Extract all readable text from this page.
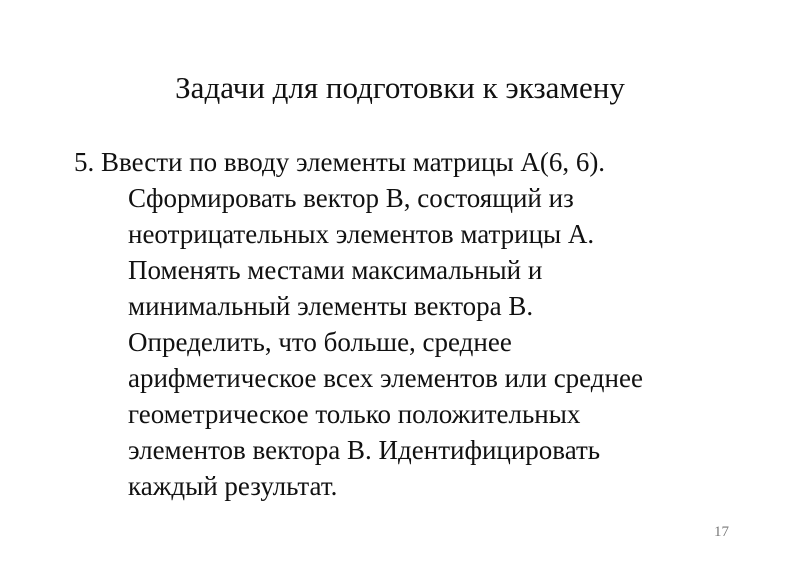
Задачи для подготовки к экзамену
5. Ввести по вводу элементы матрицы A(6, 6).
Сформировать вектор B, состоящий из
неотрицательных элементов матрицы A.
Поменять местами максимальный и
минимальный элементы вектора B.
Определить, что больше, среднее
арифметическое всех элементов или среднее
геометрическое только положительных
элементов вектора B. Идентифицировать
каждый результат.
17
